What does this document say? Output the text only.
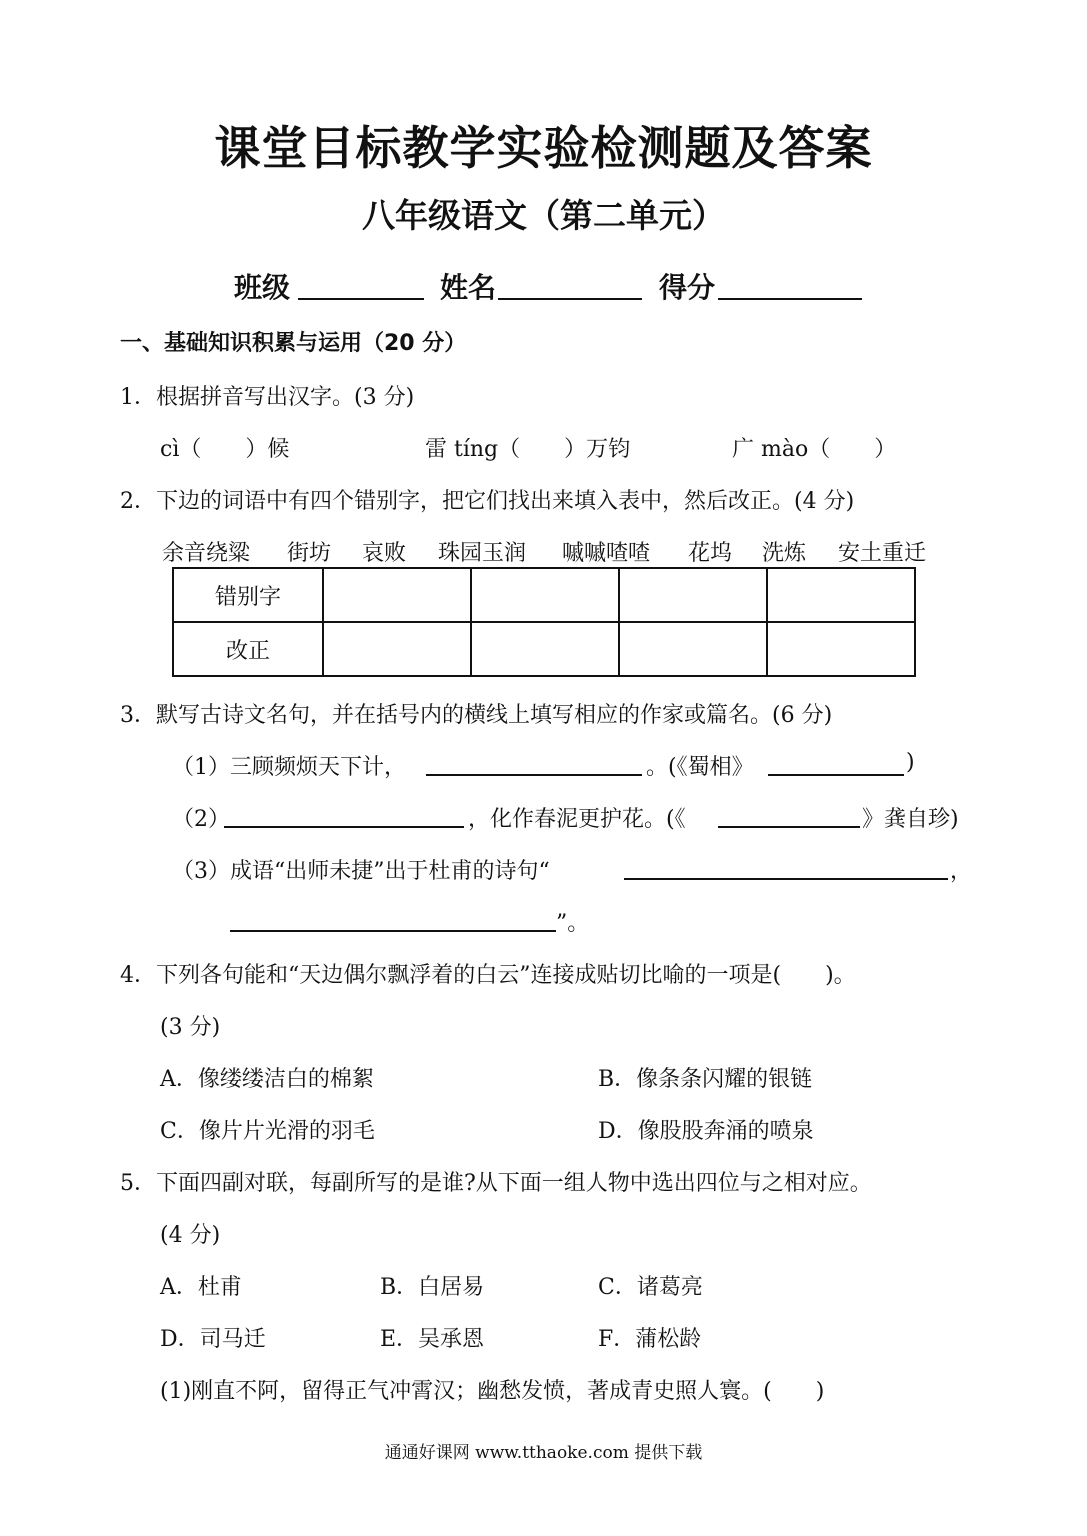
课堂目标教学实验检测题及答案
八年级语文（第二单元）
班级	姓名	得分
一、基础知识积累与运用（20 分）
1．根据拼音写出汉字。(3 分)
cì（　　）候	雷 tíng（　　）万钧	广 mào（　　）
2．下边的词语中有四个错别字，把它们找出来填入表中，然后改正。(4 分)
余音绕粱 街坊 哀败 珠园玉润 嘁嘁喳喳 花坞 洗炼 安土重迁
错别字				
改正				
3．默写古诗文名句，并在括号内的横线上填写相应的作家或篇名。(6 分)
（1）三顾频烦天下计，	。(《蜀相》	)
（2）	，化作春泥更护花。(《	》龚自珍)
（3）成语“出师未捷”出于杜甫的诗句“	，
”。
4．下列各句能和“天边偶尔飘浮着的白云”连接成贴切比喻的一项是(　　)。
(3 分)
A．像缕缕洁白的棉絮	B．像条条闪耀的银链
C．像片片光滑的羽毛	D．像股股奔涌的喷泉
5．下面四副对联，每副所写的是谁?从下面一组人物中选出四位与之相对应。
(4 分)
A．杜甫	B．白居易	C．诸葛亮
D．司马迁	E．吴承恩	F．蒲松龄
(1)刚直不阿，留得正气冲霄汉；幽愁发愤，著成青史照人寰。(　　)
通通好课网 www.tthaoke.com 提供下载
